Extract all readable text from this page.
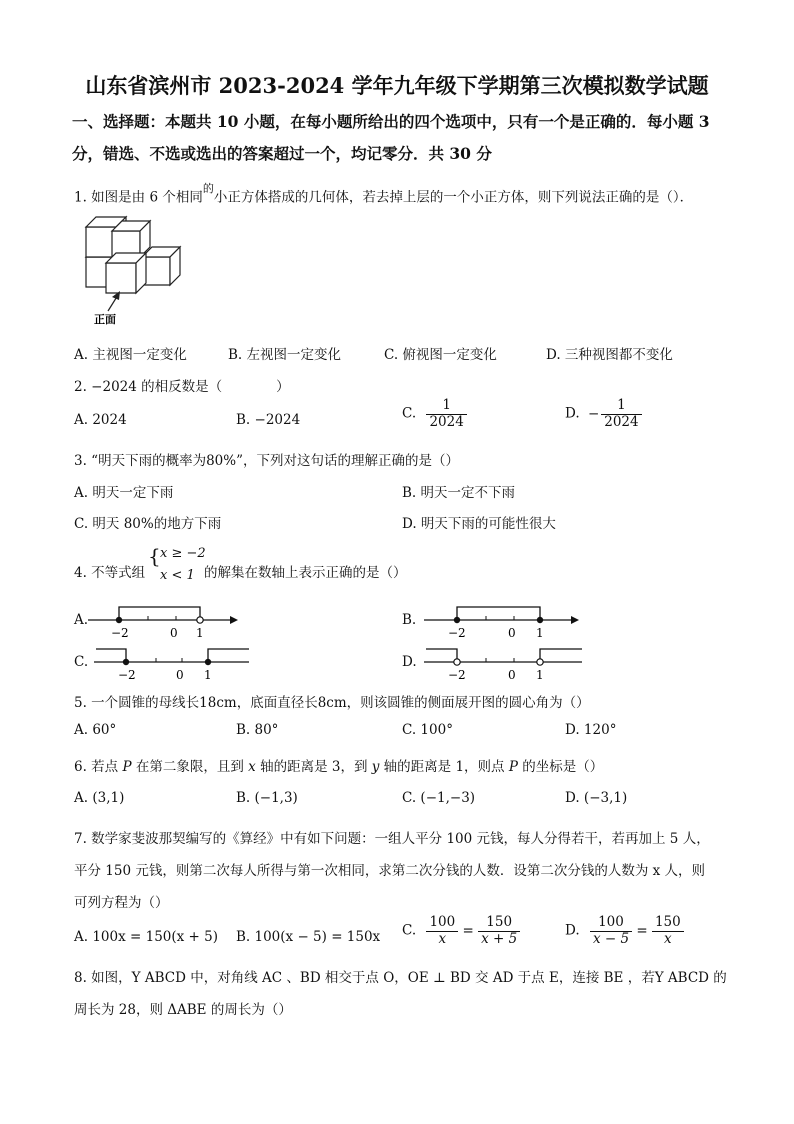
山东省滨州市 2023-2024 学年九年级下学期第三次模拟数学试题
一、选择题：本题共 10 小题，在每小题所给出的四个选项中，只有一个是正确的．每小题 3
分，错选、不选或选出的答案超过一个，均记零分．共 30 分
1. 如图是由 6 个相同$^的$小正方体搭成的几何体，若去掉上层的一个小正方体，则下列说法正确的是（）．
正面
A. 主视图一定变化	B. 左视图一定变化	C. 俯视图一定变化	D. 三种视图都不变化
2. −2024 的相反数是（　　　　）
A. 2024	B. −2024	C. $\frac{1}{2024}$	D. − $\frac{1}{2024}$
3. “明天下雨的概率为80%”，下列对这句话的理解正确的是（）
A. 明天一定下雨	B. 明天一定不下雨
C. 明天 80%的地方下雨	D. 明天下雨的可能性很大
4. 不等式组
{ x ≥ −2
x < 1 的解集在数轴上表示正确的是（）
A.
−2	0 1
B.
−2	0 1
C.
−2	0 1
D.
−2	0 1
5. 一个圆锥的母线长18cm，底面直径长8cm，则该圆锥的侧面展开图的圆心角为（）
A. 60°	B. 80°	C. 100°	D. 120°
6. 若点 P 在第二象限，且到 x 轴的距离是 3，到 y 轴的距离是 1，则点 P 的坐标是（）
A. (3,1)	B. (−1,3)	C. (−1,−3)	D. (−3,1)
7. 数学家斐波那契编写的《算经》中有如下问题：一组人平分 100 元钱，每人分得若干，若再加上 5 人，
平分 150 元钱，则第二次每人所得与第一次相同，求第二次分钱的人数．设第二次分钱的人数为 x 人，则
可列方程为（）
A. 100x = 150(x + 5) B. 100(x − 5) = 150x C. $\frac{100}{x} = \frac{150}{x + 5}$	D. $\frac{100}{x - 5} = \frac{150}{x}$
8. 如图，Y ABCD 中，对角线 AC 、BD 相交于点 O，OE ⊥ BD 交 AD 于点 E，连接 BE ，若Y ABCD 的
周长为 28，则 ΔABE 的周长为（）
